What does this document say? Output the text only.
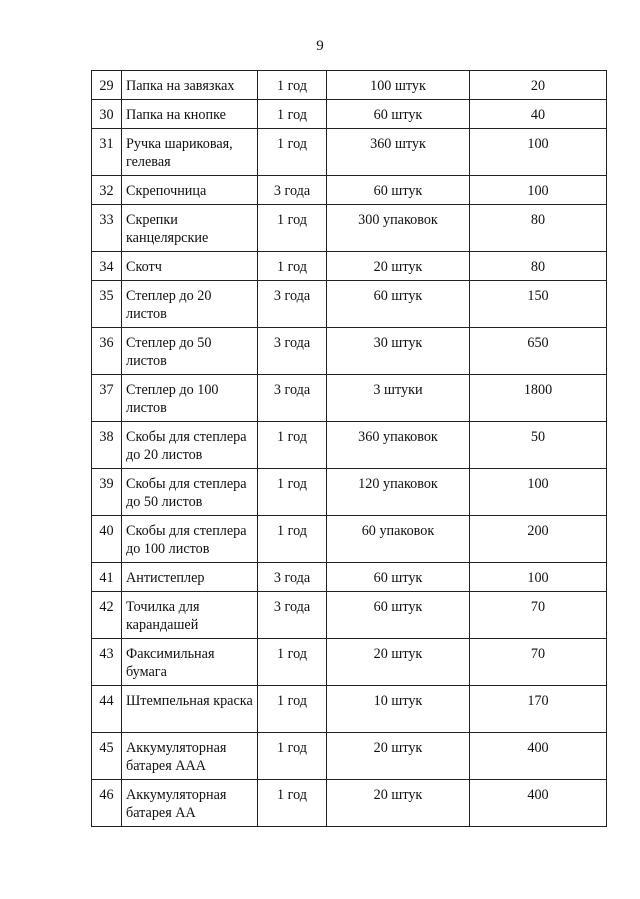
9
29	Папка на завязках	1 год	100 штук	20
30	Папка на кнопке	1 год	60 штук	40
31	Ручка шариковая, гелевая	1 год	360 штук	100
32	Скрепочница	3 года	60 штук	100
33	Скрепки канцелярские	1 год	300 упаковок	80
34	Скотч	1 год	20 штук	80
35	Степлер до 20 листов	3 года	60 штук	150
36	Степлер до 50 листов	3 года	30 штук	650
37	Степлер до 100 листов	3 года	3 штуки	1800
38	Скобы для степлера до 20 листов	1 год	360 упаковок	50
39	Скобы для степлера до 50 листов	1 год	120 упаковок	100
40	Скобы для степлера до 100 листов	1 год	60 упаковок	200
41	Антистеплер	3 года	60 штук	100
42	Точилка для карандашей	3 года	60 штук	70
43	Факсимильная бумага	1 год	20 штук	70
44	Штемпельная краска	1 год	10 штук	170
45	Аккумуляторная батарея ААА	1 год	20 штук	400
46	Аккумуляторная батарея АА	1 год	20 штук	400
